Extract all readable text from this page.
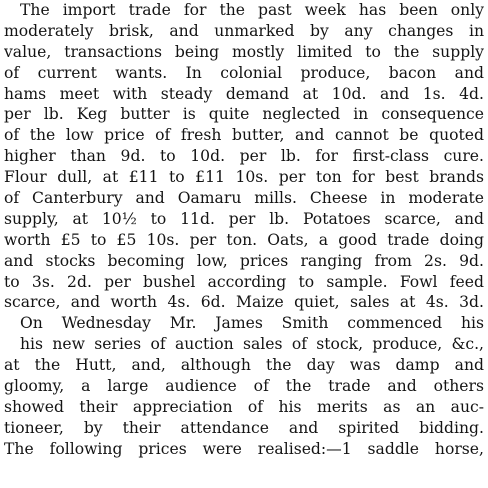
The import trade for the past week has been only
moderately brisk, and unmarked by any changes in
value, transactions being mostly limited to the supply
of current wants. In colonial produce, bacon and
hams meet with steady demand at 10d. and 1s. 4d.
per lb. Keg butter is quite neglected in consequence
of the low price of fresh butter, and cannot be quoted
higher than 9d. to 10d. per lb. for first-class cure.
Flour dull, at £11 to £11 10s. per ton for best brands
of Canterbury and Oamaru mills. Cheese in moderate
supply, at 10½ to 11d. per lb. Potatoes scarce, and
worth £5 to £5 10s. per ton. Oats, a good trade doing
and stocks becoming low, prices ranging from 2s. 9d.
to 3s. 2d. per bushel according to sample. Fowl feed
scarce, and worth 4s. 6d. Maize quiet, sales at 4s. 3d.
On Wednesday Mr. James Smith commenced his
his new series of auction sales of stock, produce, &c.,
at the Hutt, and, although the day was damp and
gloomy, a large audience of the trade and others
showed their appreciation of his merits as an auc-
tioneer, by their attendance and spirited bidding.
The following prices were realised:—1 saddle horse,
